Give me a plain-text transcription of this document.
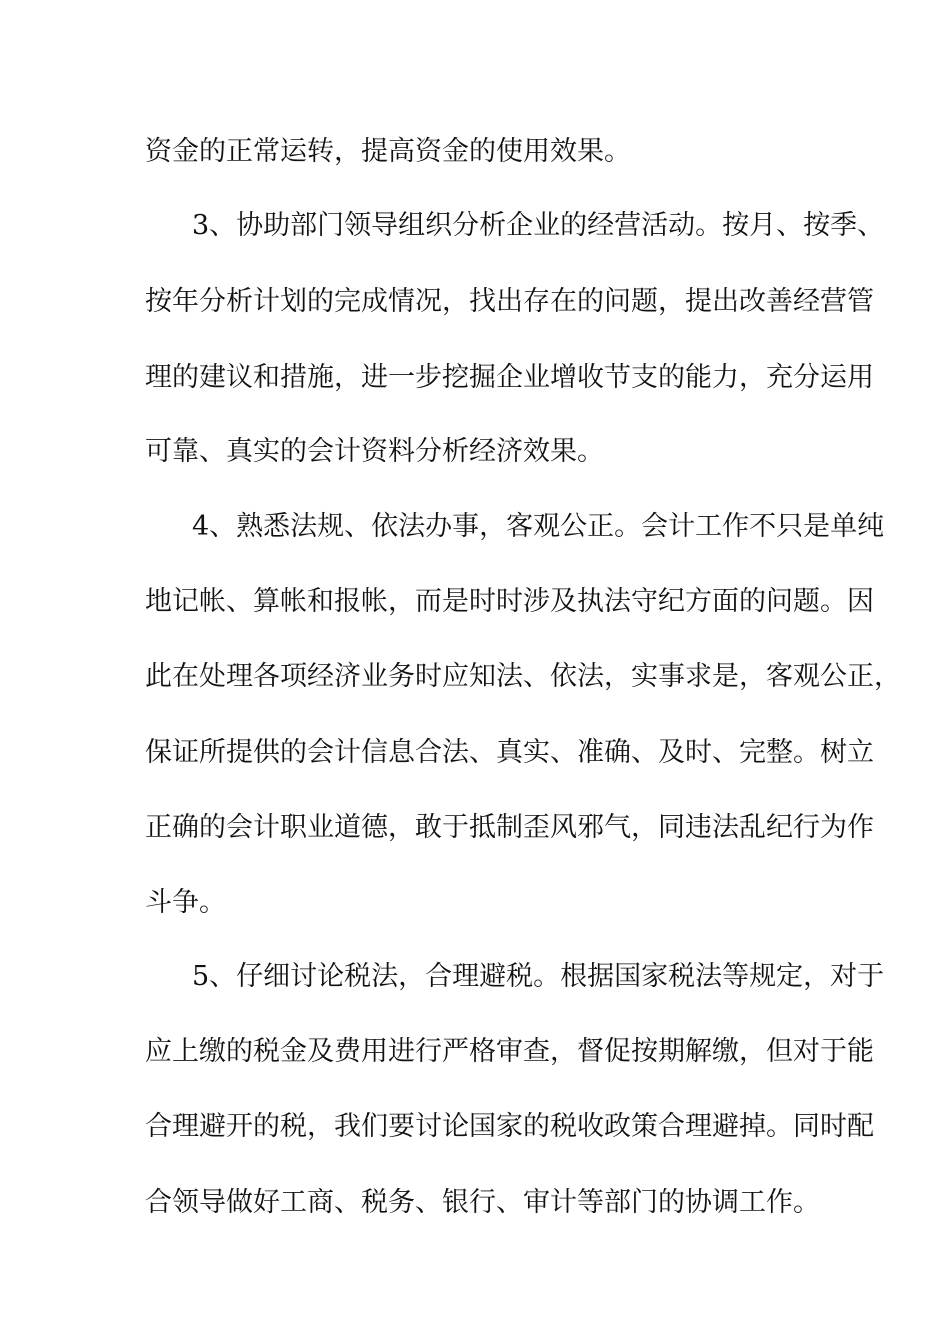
资金的正常运转，提高资金的使用效果。
3、协助部门领导组织分析企业的经营活动。按月、按季、
按年分析计划的完成情况，找出存在的问题，提出改善经营管
理的建议和措施，进一步挖掘企业增收节支的能力，充分运用
可靠、真实的会计资料分析经济效果。
4、熟悉法规、依法办事，客观公正。会计工作不只是单纯
地记帐、算帐和报帐，而是时时涉及执法守纪方面的问题。因
此在处理各项经济业务时应知法、依法，实事求是，客观公正，
保证所提供的会计信息合法、真实、准确、及时、完整。树立
正确的会计职业道德，敢于抵制歪风邪气，同违法乱纪行为作
斗争。
5、仔细讨论税法，合理避税。根据国家税法等规定，对于
应上缴的税金及费用进行严格审查，督促按期解缴，但对于能
合理避开的税，我们要讨论国家的税收政策合理避掉。同时配
合领导做好工商、税务、银行、审计等部门的协调工作。
